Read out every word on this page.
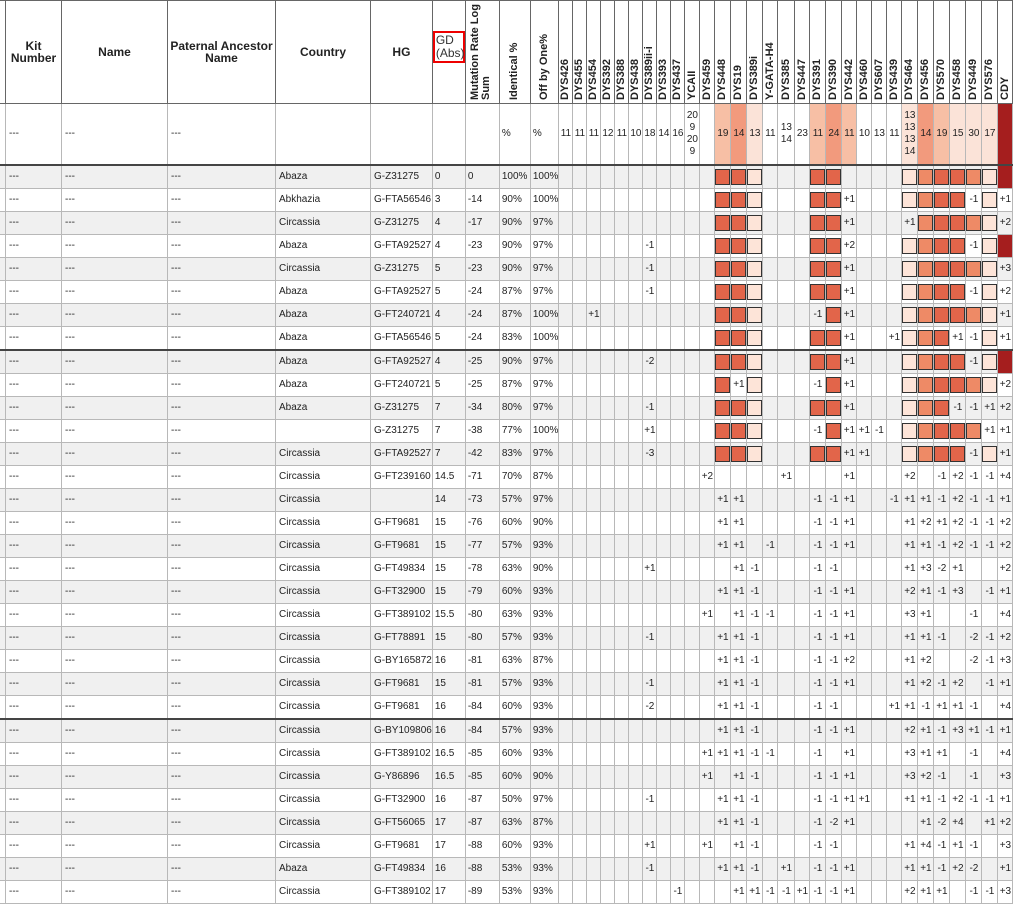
	Kit Number	Name	Paternal Ancestor Name	Country	HG	GD (Abs)	Mutation Rate Log Sum	Identical %	Off by One%	DYS426	DYS455	DYS454	DYS392	DYS388	DYS438	DYS389ii-i	DYS393	DYS437	YCAII	DYS459	DYS448	DYS19	DYS389i	Y-GATA-H4	DYS385	DYS447	DYS391	DYS390	DYS442	DYS460	DYS607	DYS439	DYS464	DYS456	DYS570	DYS458	DYS449	DYS576	CDY

	---	---	---					%	%	11	11	11	12	11	10	18	14	16	20 9 20 9		19	14	13	11	13 14	23	11	24	11	10	13	11	13 13 13 14	14	19	15	30	17	
	---	---	---	Abaza	G-Z31275	0	0	100%	100%												

	---	---	---	Abkhazia	G-FTA56546	3	-14	90%	100%																				+1								-1		+1
	---	---	---	Circassia	G-Z31275	4	-17	90%	97%																				+1				+1						+2
	---	---	---	Abaza	G-FTA92527	4	-23	90%	97%							-1													+2								-1	

	---	---	---	Circassia	G-Z31275	5	-23	90%	97%							-1													+1										+3
	---	---	---	Abaza	G-FTA92527	5	-24	87%	97%							-1													+1								-1		+2
	---	---	---	Abaza	G-FT240721	4	-24	87%	100%			+1															-1		+1										+1
	---	---	---	Abaza	G-FTA56546	5	-24	83%	100%																				+1			+1				+1	-1		+1
	---	---	---	Abaza	G-FTA92527	4	-25	90%	97%							-2													+1								-1	

	---	---	---	Abaza	G-FT240721	5	-25	87%	97%													+1					-1		+1										+2
	---	---	---	Abaza	G-Z31275	7	-34	80%	97%							-1													+1							-1	-1	+1	+2
	---	---	---		G-Z31275	7	-38	77%	100%							+1											-1		+1	+1	-1							+1	+1
	---	---	---	Circassia	G-FTA92527	7	-42	83%	97%							-3													+1	+1							-1		+1
	---	---	---	Circassia	G-FT239160	14.5	-71	70%	87%											+2					+1				+1				+2		-1	+2	-1	-1	+4
	---	---	---	Circassia		14	-73	57%	97%												+1	+1					-1	-1	+1			-1	+1	+1	-1	+2	-1	-1	+1
	---	---	---	Circassia	G-FT9681	15	-76	60%	90%												+1	+1					-1	-1	+1				+1	+2	+1	+2	-1	-1	+2
	---	---	---	Circassia	G-FT9681	15	-77	57%	93%												+1	+1		-1			-1	-1	+1				+1	+1	-1	+2	-1	-1	+2
	---	---	---	Circassia	G-FT49834	15	-78	63%	90%							+1						+1	-1				-1	-1					+1	+3	-2	+1			+2
	---	---	---	Circassia	G-FT32900	15	-79	60%	93%												+1	+1	-1				-1	-1	+1				+2	+1	-1	+3		-1	+1
	---	---	---	Circassia	G-FT389102	15.5	-80	63%	93%											+1		+1	-1	-1			-1	-1	+1				+3	+1			-1		+4
	---	---	---	Circassia	G-FT78891	15	-80	57%	93%							-1					+1	+1	-1				-1	-1	+1				+1	+1	-1		-2	-1	+2
	---	---	---	Circassia	G-BY165872	16	-81	63%	87%												+1	+1	-1				-1	-1	+2				+1	+2			-2	-1	+3
	---	---	---	Circassia	G-FT9681	15	-81	57%	93%							-1					+1	+1	-1				-1	-1	+1				+1	+2	-1	+2		-1	+1
	---	---	---	Circassia	G-FT9681	16	-84	60%	93%							-2					+1	+1	-1				-1	-1				+1	+1	-1	+1	+1	-1		+4
	---	---	---	Circassia	G-BY109806	16	-84	57%	93%												+1	+1	-1				-1	-1	+1				+2	+1	-1	+3	+1	-1	+1
	---	---	---	Circassia	G-FT389102	16.5	-85	60%	93%											+1	+1	+1	-1	-1			-1		+1				+3	+1	+1		-1		+4
	---	---	---	Circassia	G-Y86896	16.5	-85	60%	90%											+1		+1	-1				-1	-1	+1				+3	+2	-1		-1		+3
	---	---	---	Circassia	G-FT32900	16	-87	50%	97%							-1					+1	+1	-1				-1	-1	+1	+1			+1	+1	-1	+2	-1	-1	+1
	---	---	---	Circassia	G-FT56065	17	-87	63%	87%												+1	+1	-1				-1	-2	+1					+1	-2	+4		+1	+2
	---	---	---	Circassia	G-FT9681	17	-88	60%	93%							+1				+1		+1	-1				-1	-1					+1	+4	-1	+1	-1		+3
	---	---	---	Abaza	G-FT49834	16	-88	53%	93%							-1					+1	+1	-1		+1		-1	-1	+1				+1	+1	-1	+2	-2		+1
	---	---	---	Circassia	G-FT389102	17	-89	53%	93%									-1				+1	+1	-1	-1	+1	-1	-1	+1				+2	+1	+1		-1	-1	+3
